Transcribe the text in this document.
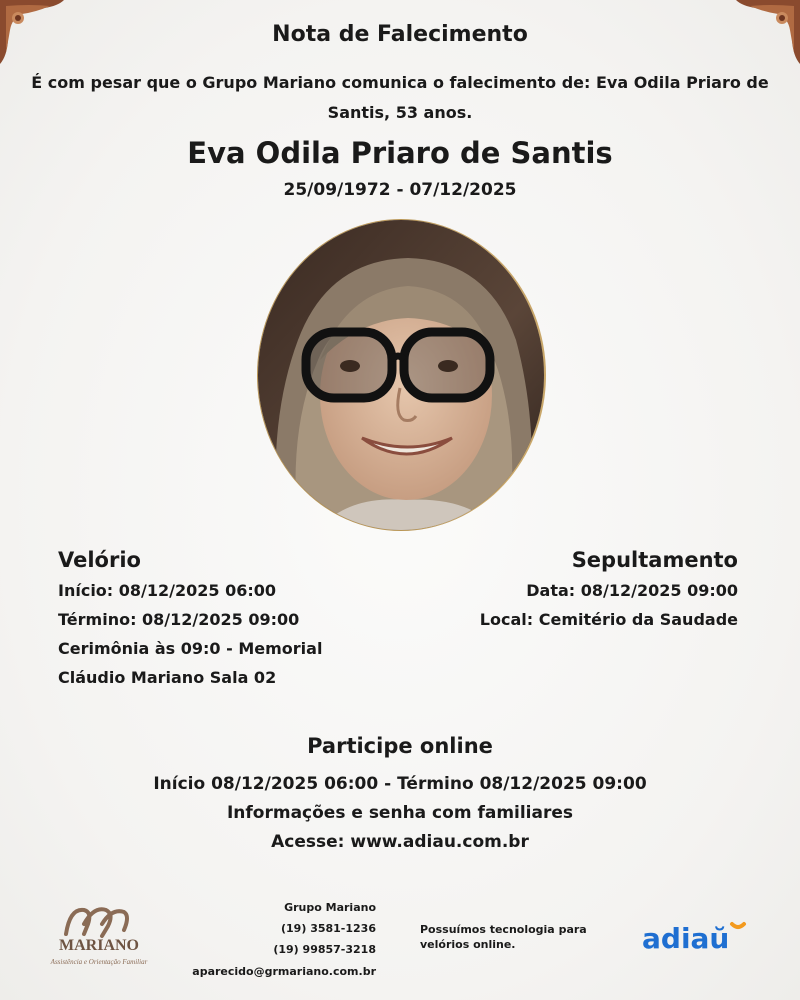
Nota de Falecimento
É com pesar que o Grupo Mariano comunica o falecimento de: Eva Odila Priaro de Santis, 53 anos.
Eva Odila Priaro de Santis
25/09/1972 - 07/12/2025
Velório

Início: 08/12/2025 06:00

Término: 08/12/2025 09:00

Cerimônia às 09:0 - Memorial

Cláudio Mariano Sala 02

Sepultamento

Data: 08/12/2025 09:00

Local: Cemitério da Saudade

Participe online

Início 08/12/2025 06:00 - Término 08/12/2025 09:00

Informações e senha com familiares

Acesse: www.adiau.com.br

MARIANO
Assistência e Orientação Familiar
Grupo Mariano
(19) 3581-1236
(19) 99857-3218
aparecido@grmariano.com.br
Possuímos tecnologia para velórios online.	adiaŭ
